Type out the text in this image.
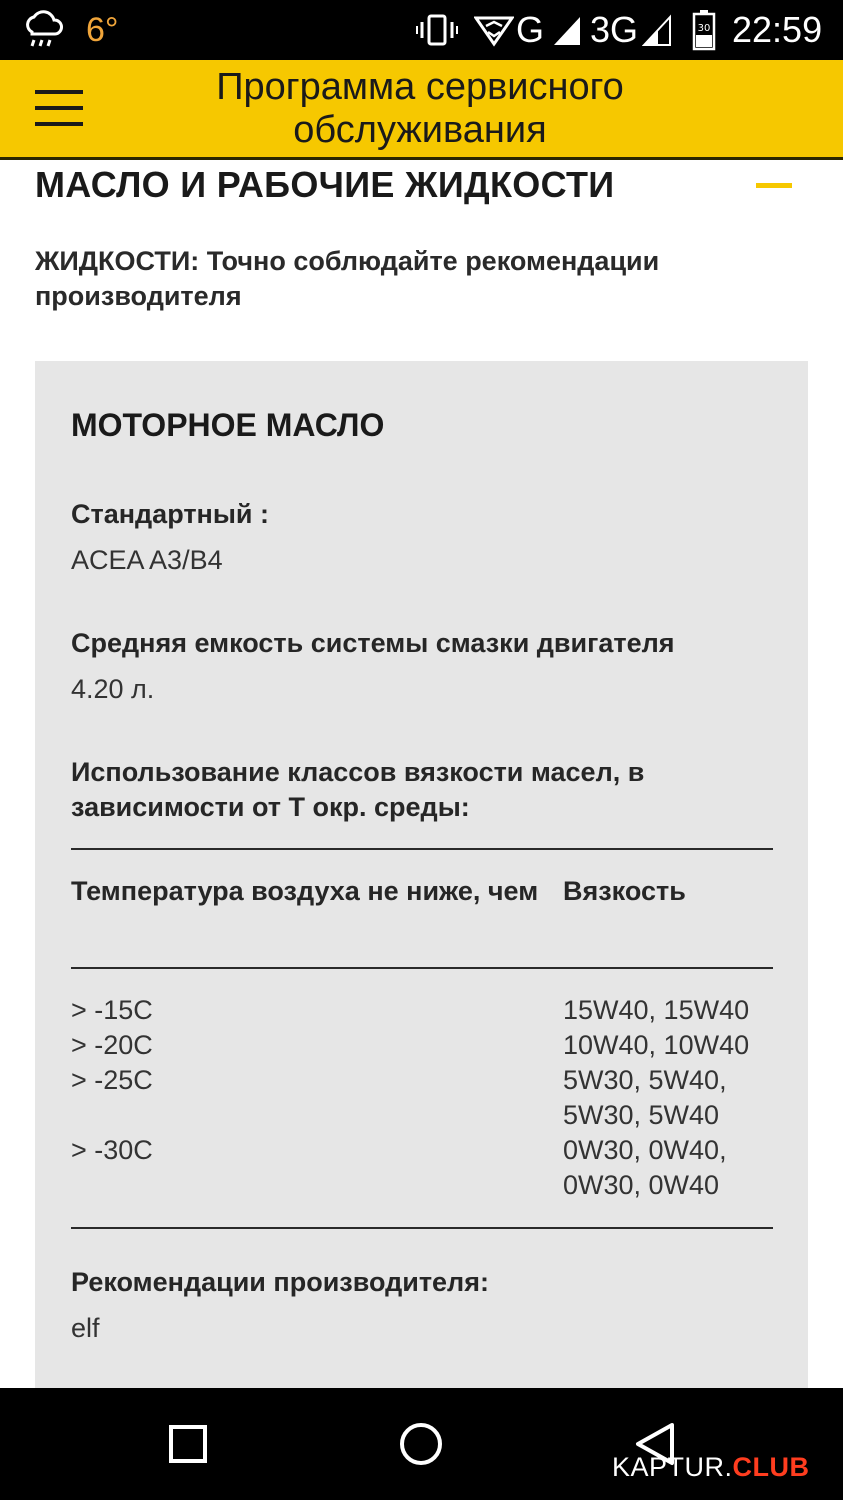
6°	G 3G	30 22:59
Программа сервисного обслуживания
МАСЛО И РАБОЧИЕ ЖИДКОСТИ
ЖИДКОСТИ: Точно соблюдайте рекомендации производителя
МОТОРНОЕ МАСЛО
Стандартный :
ACEA A3/B4
Средняя емкость системы смазки двигателя
4.20 л.
Использование классов вязкости масел, в зависимости от Т окр. среды:
Температура воздуха не ниже, чем Вязкость
> -15C	15W40, 15W40
> -20C	10W40, 10W40
> -25C	5W30, 5W40, 5W30, 5W40
> -30C	0W30, 0W40, 0W30, 0W40
Рекомендации производителя:
elf
KAPTUR.CLUB
